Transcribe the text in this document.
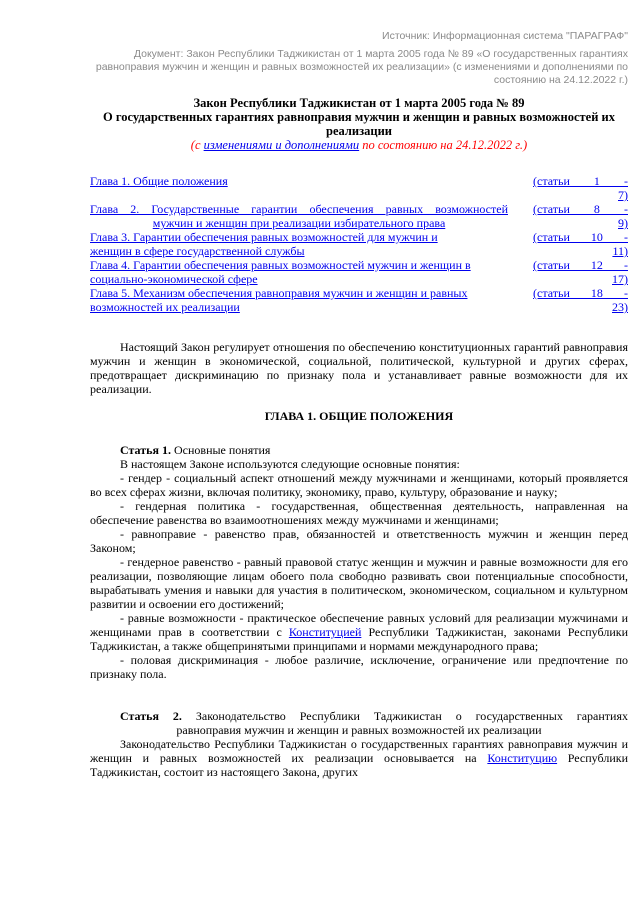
Источник: Информационная система "ПАРАГРАФ"
Документ: Закон Республики Таджикистан от 1 марта 2005 года № 89 «О государственных гарантиях равноправия мужчин и женщин и равных возможностей их реализации» (с изменениями и дополнениями по состоянию на 24.12.2022 г.)
Закон Республики Таджикистан от 1 марта 2005 года № 89
О государственных гарантиях равноправия мужчин и женщин и равных возможностей их реализации
(с изменениями и дополнениями по состоянию на 24.12.2022 г.)
Глава 1. Общие положения	(статьи 1 -
7)
Глава 2. Государственные гарантии обеспечения равных возможностей
мужчин и женщин при реализации избирательного права
(статьи 8 -
9)
Глава 3. Гарантии обеспечения равных возможностей для мужчин и
женщин в сфере государственной службы
(статьи 10 -
11)
Глава 4. Гарантии обеспечения равных возможностей мужчин и женщин в
социально-экономической сфере
(статьи 12 -
17)
Глава 5. Механизм обеспечения равноправия мужчин и женщин и равных
возможностей их реализации
(статьи 18 -
23)

Настоящий Закон регулирует отношения по обеспечению конституционных гарантий равноправия мужчин и женщин в экономической, социальной, политической, культурной и других сферах, предотвращает дискриминацию по признаку пола и устанавливает равные возможности для их реализации.

ГЛАВА 1. ОБЩИЕ ПОЛОЖЕНИЯ

Статья 1. Основные понятия

В настоящем Законе используются следующие основные понятия:

- гендер - социальный аспект отношений между мужчинами и женщинами, который проявляется во всех сферах жизни, включая политику, экономику, право, культуру, образование и науку;

- гендерная политика - государственная, общественная деятельность, направленная на обеспечение равенства во взаимоотношениях между мужчинами и женщинами;

- равноправие - равенство прав, обязанностей и ответственность мужчин и женщин перед Законом;

- гендерное равенство - равный правовой статус женщин и мужчин и равные возможности для его реализации, позволяющие лицам обоего пола свободно развивать свои потенциальные способности, вырабатывать умения и навыки для участия в политическом, экономическом, социальном и культурном развитии и освоении его достижений;

- равные возможности - практическое обеспечение равных условий для реализации мужчинами и женщинами прав в соответствии с Конституцией Республики Таджикистан, законами Республики Таджикистан, а также общепринятыми принципами и нормами международного права;

- половая дискриминация - любое различие, исключение, ограничение или предпочтение по признаку пола.

Статья 2. Законодательство Республики Таджикистан о государственных гарантиях

равноправия мужчин и женщин и равных возможностей их реализации

Законодательство Республики Таджикистан о государственных гарантиях равноправия мужчин и женщин и равных возможностей их реализации основывается на Конституцию Республики Таджикистан, состоит из настоящего Закона, других
